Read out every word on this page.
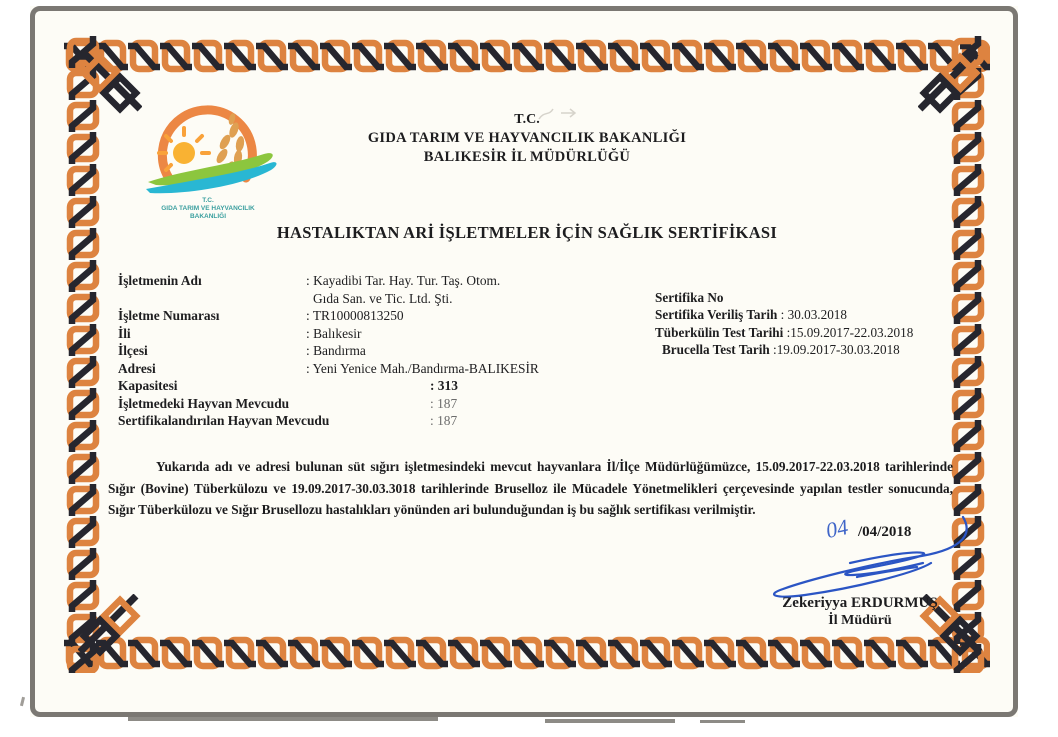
T.C.
GIDA TARIM VE HAYVANCILIK
BAKANLIĞI
T.C.
GIDA TARIM VE HAYVANCILIK BAKANLIĞI
BALIKESİR İL MÜDÜRLÜĞÜ
HASTALIKTAN ARİ İŞLETMELER İÇİN SAĞLIK SERTİFİKASI
İşletmenin Adı	: Kayadibi Tar. Hay. Tur. Taş. Otom.
Gıda San. ve Tic. Ltd. Şti.
İşletme Numarası	: TR10000813250
İli	: Balıkesir
İlçesi	: Bandırma
Adresi	: Yeni Yenice Mah./Bandırma-BALIKESİR
Kapasitesi	: 313
İşletmedeki Hayvan Mevcudu	: 187
Sertifikalandırılan Hayvan Mevcudu	: 187
Sertifika No
Sertifika Veriliş Tarih : 30.03.2018
Tüberkülin Test Tarihi :15.09.2017-22.03.2018
Brucella Test Tarih :19.09.2017-30.03.2018
Yukarıda adı ve adresi bulunan süt sığırı işletmesindeki mevcut hayvanlara İl/İlçe Müdürlüğümüzce, 15.09.2017-22.03.2018 tarihlerinde Sığır (Bovine) Tüberkülozu ve 19.09.2017-30.03.3018 tarihlerinde Bruselloz ile Mücadele Yönetmelikleri çerçevesinde yapılan testler sonucunda, Sığır Tüberkülozu ve Sığır Brusellozu hastalıkları yönünden ari bulunduğundan iş bu sağlık sertifikası verilmiştir.
04 /04/2018
Zekeriyya ERDURMUŞ
İl Müdürü
